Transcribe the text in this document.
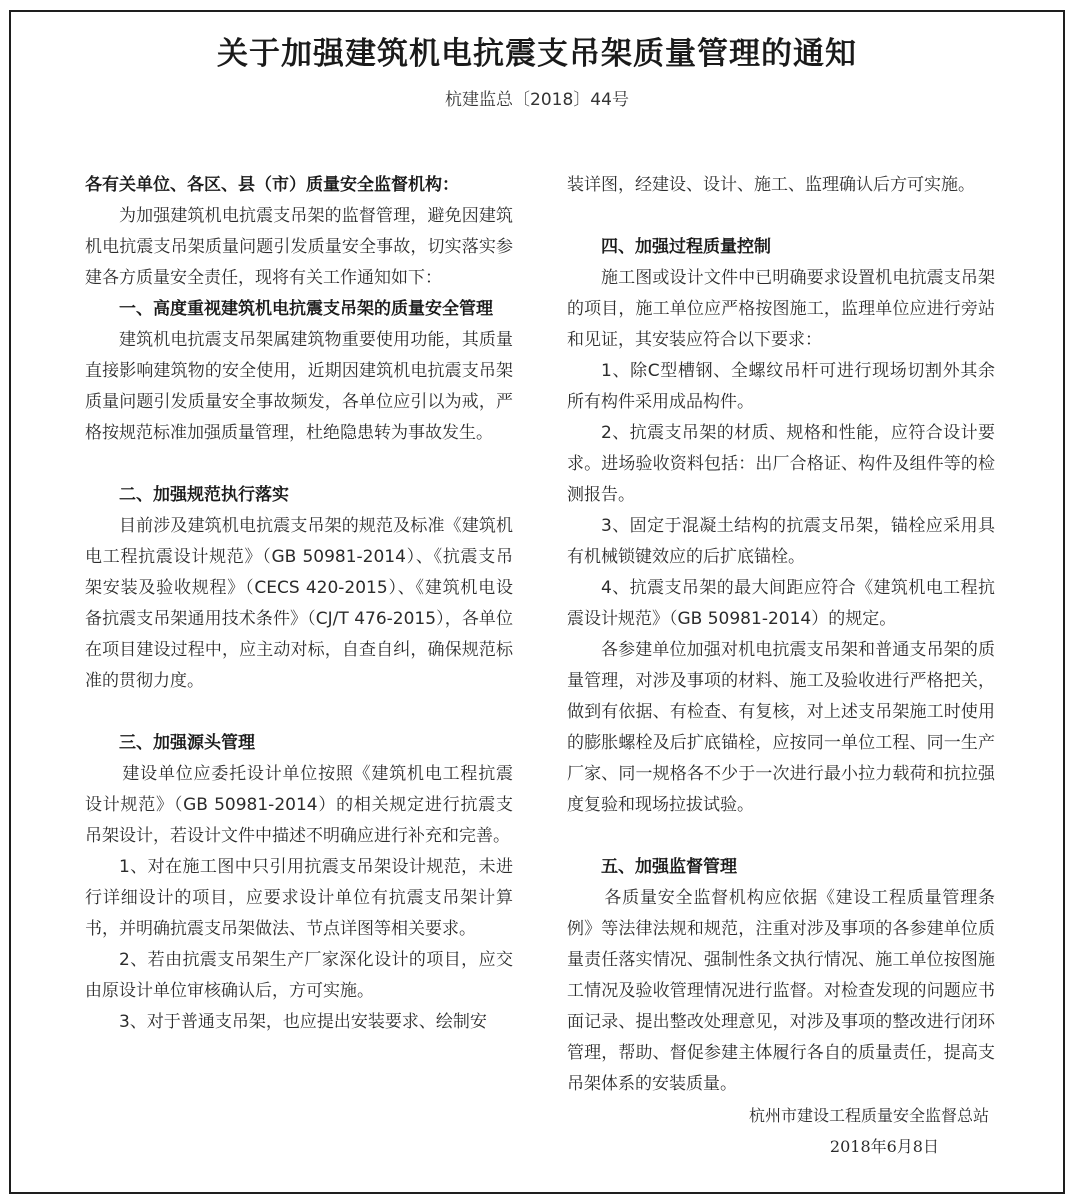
关于加强建筑机电抗震支吊架质量管理的通知
杭建监总〔2018〕44号

各有关单位、各区、县（市）质量安全监督机构：

为加强建筑机电抗震支吊架的监督管理，避免因建筑机电抗震支吊架质量问题引发质量安全事故，切实落实参建各方质量安全责任，现将有关工作通知如下：

一、高度重视建筑机电抗震支吊架的质量安全管理

建筑机电抗震支吊架属建筑物重要使用功能，其质量直接影响建筑物的安全使用，近期因建筑机电抗震支吊架质量问题引发质量安全事故频发，各单位应引以为戒，严格按规范标准加强质量管理，杜绝隐患转为事故发生。

二、加强规范执行落实

目前涉及建筑机电抗震支吊架的规范及标准《建筑机电工程抗震设计规范》（GB 50981-2014）、《抗震支吊架安装及验收规程》（CECS 420-2015）、《建筑机电设备抗震支吊架通用技术条件》（CJ/T 476-2015），各单位在项目建设过程中，应主动对标，自查自纠，确保规范标准的贯彻力度。

三、加强源头管理

建设单位应委托设计单位按照《建筑机电工程抗震设计规范》（GB 50981-2014）的相关规定进行抗震支吊架设计，若设计文件中描述不明确应进行补充和完善。

1、对在施工图中只引用抗震支吊架设计规范，未进行详细设计的项目，应要求设计单位有抗震支吊架计算书，并明确抗震支吊架做法、节点详图等相关要求。

2、若由抗震支吊架生产厂家深化设计的项目，应交由原设计单位审核确认后，方可实施。

3、对于普通支吊架，也应提出安装要求、绘制安

装详图，经建设、设计、施工、监理确认后方可实施。

四、加强过程质量控制

施工图或设计文件中已明确要求设置机电抗震支吊架的项目，施工单位应严格按图施工，监理单位应进行旁站和见证，其安装应符合以下要求：

1、除C型槽钢、全螺纹吊杆可进行现场切割外其余所有构件采用成品构件。

2、抗震支吊架的材质、规格和性能，应符合设计要求。进场验收资料包括：出厂合格证、构件及组件等的检测报告。

3、固定于混凝土结构的抗震支吊架，锚栓应采用具有机械锁键效应的后扩底锚栓。

4、抗震支吊架的最大间距应符合《建筑机电工程抗震设计规范》（GB 50981-2014）的规定。

各参建单位加强对机电抗震支吊架和普通支吊架的质量管理，对涉及事项的材料、施工及验收进行严格把关，做到有依据、有检查、有复核，对上述支吊架施工时使用的膨胀螺栓及后扩底锚栓，应按同一单位工程、同一生产厂家、同一规格各不少于一次进行最小拉力载荷和抗拉强度复验和现场拉拔试验。

五、加强监督管理

各质量安全监督机构应依据《建设工程质量管理条例》等法律法规和规范，注重对涉及事项的各参建单位质量责任落实情况、强制性条文执行情况、施工单位按图施工情况及验收管理情况进行监督。对检查发现的问题应书面记录、提出整改处理意见，对涉及事项的整改进行闭环管理，帮助、督促参建主体履行各自的质量责任，提高支吊架体系的安装质量。

杭州市建设工程质量安全监督总站
2018年6月8日
